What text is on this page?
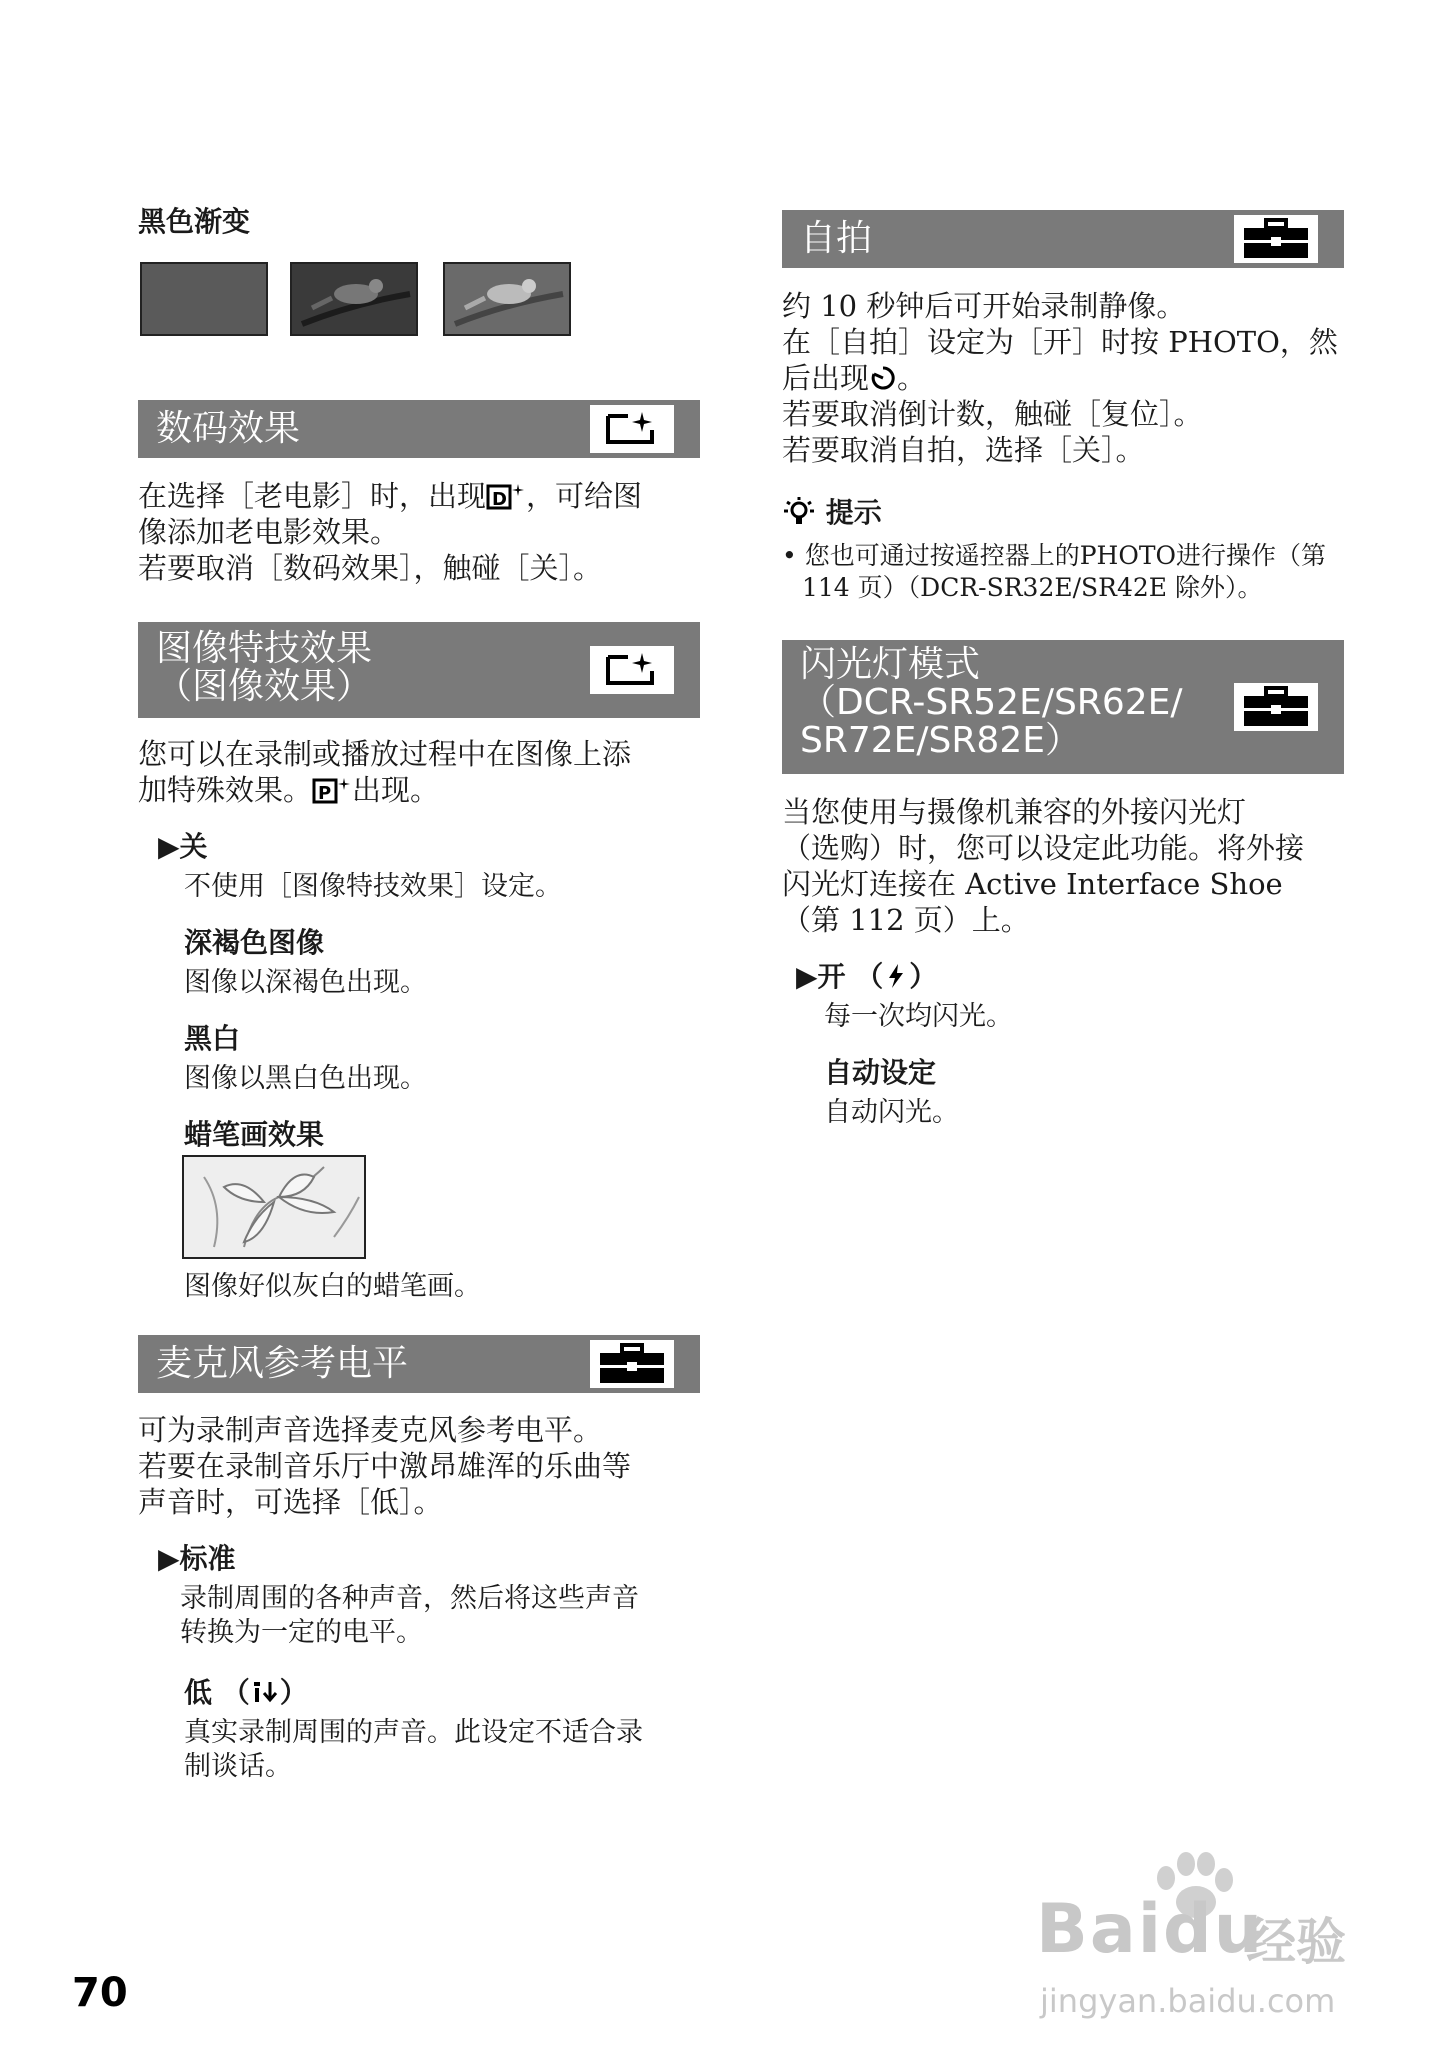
黑色渐变
数码效果
在选择［老电影］时，出现 D ，可给图
像添加老电影效果。
若要取消［数码效果］，触碰［关］。
图像特技效果
（图像效果）
您可以在录制或播放过程中在图像上添
加特殊效果。 P 出现。
▶关
不使用［图像特技效果］设定。
深褐色图像
图像以深褐色出现。
黑白
图像以黑白色出现。
蜡笔画效果
图像好似灰白的蜡笔画。
麦克风参考电平
可为录制声音选择麦克风参考电平。
若要在录制音乐厅中激昂雄浑的乐曲等
声音时，可选择［低］。
▶标准
录制周围的各种声音，然后将这些声音
转换为一定的电平。
低 （ ）
真实录制周围的声音。此设定不适合录
制谈话。
自拍
约 10 秒钟后可开始录制静像。
在［自拍］设定为［开］时按 PHOTO，然
后出现 。
若要取消倒计数，触碰［复位］。
若要取消自拍，选择［关］。
提示
• 您也可通过按遥控器上的PHOTO进行操作（第
114 页）（DCR-SR32E/SR42E 除外）。
闪光灯模式
（DCR-SR52E/SR62E/
SR72E/SR82E）
当您使用与摄像机兼容的外接闪光灯
（选购）时，您可以设定此功能。将外接
闪光灯连接在 Active Interface Shoe
（第 112 页）上。
▶开 （ ）
每一次均闪光。
自动设定
自动闪光。
70
Baidu
经验
jingyan.baidu.com
